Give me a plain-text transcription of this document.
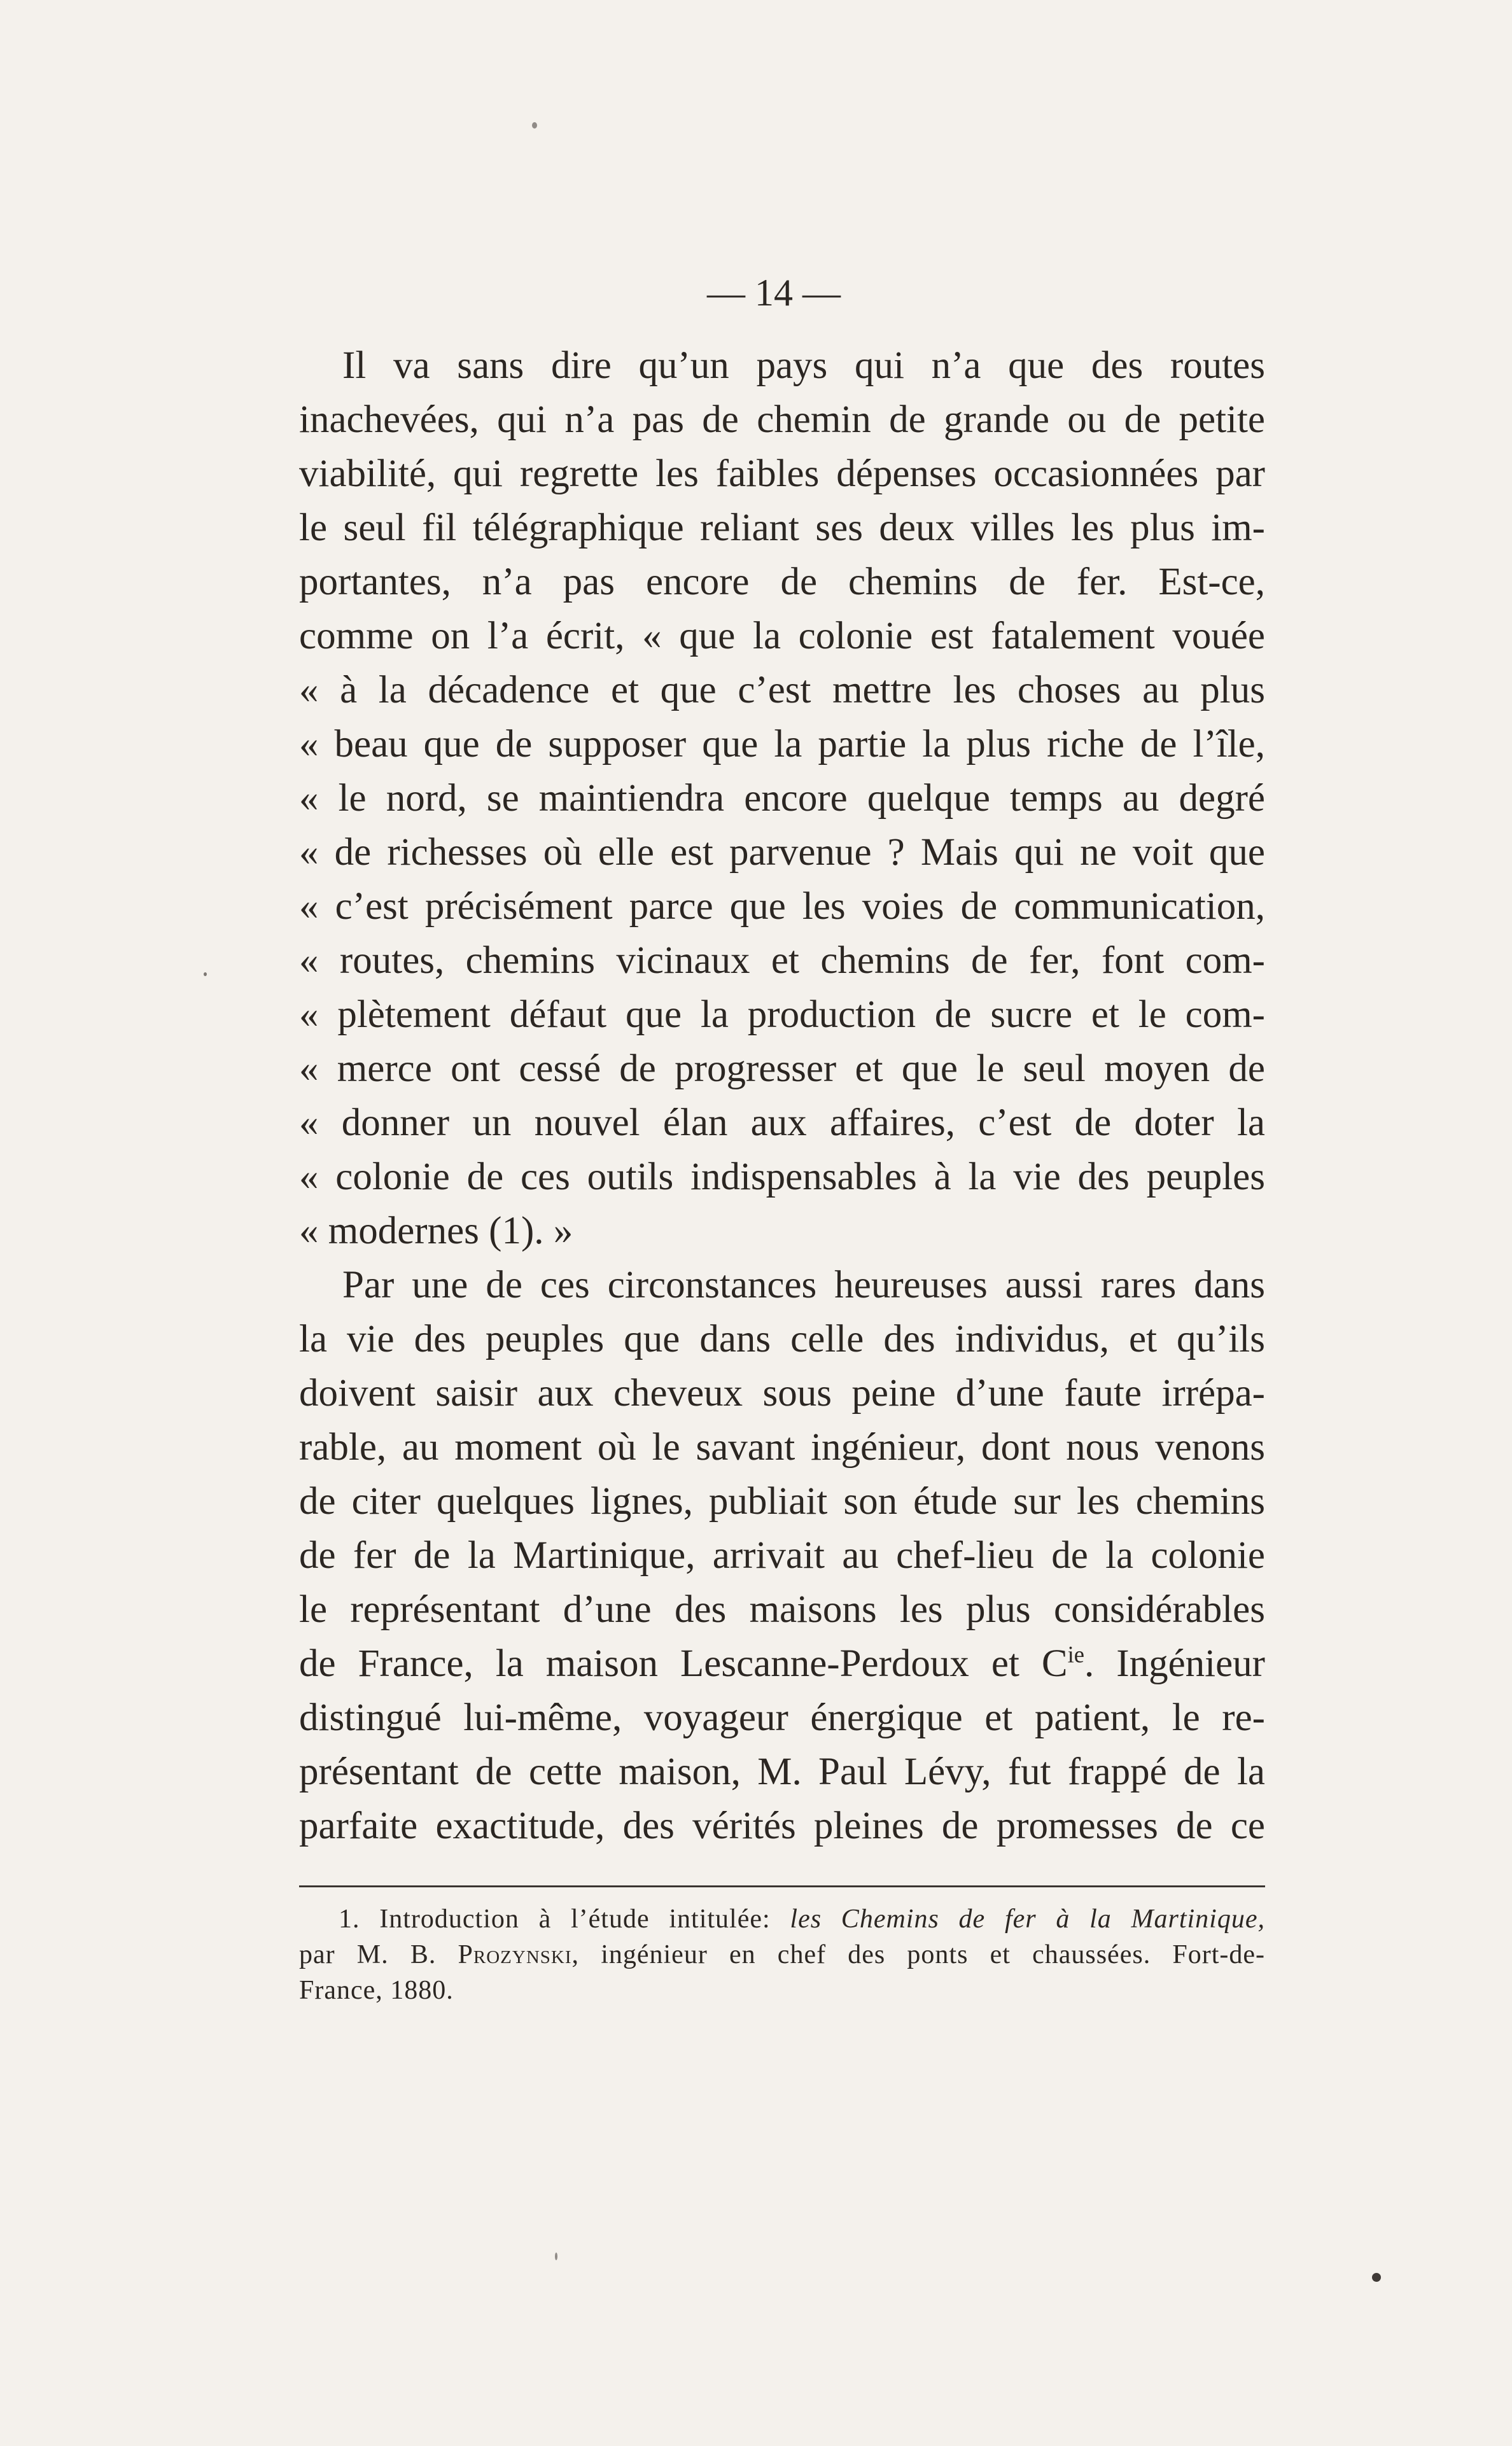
— 14 —
Il va sans dire qu’un pays qui n’a que des routes
inachevées, qui n’a pas de chemin de grande ou de petite
viabilité, qui regrette les faibles dépenses occasionnées par
le seul fil télégraphique reliant ses deux villes les plus im-
portantes, n’a pas encore de chemins de fer. Est-ce,
comme on l’a écrit, « que la colonie est fatalement vouée
« à la décadence et que c’est mettre les choses au plus
« beau que de supposer que la partie la plus riche de l’île,
« le nord, se maintiendra encore quelque temps au degré
« de richesses où elle est parvenue ? Mais qui ne voit que
« c’est précisément parce que les voies de communication,
« routes, chemins vicinaux et chemins de fer, font com-
« plètement défaut que la production de sucre et le com-
« merce ont cessé de progresser et que le seul moyen de
« donner un nouvel élan aux affaires, c’est de doter la
« colonie de ces outils indispensables à la vie des peuples
« modernes (1). »
Par une de ces circonstances heureuses aussi rares dans
la vie des peuples que dans celle des individus, et qu’ils
doivent saisir aux cheveux sous peine d’une faute irrépa-
rable, au moment où le savant ingénieur, dont nous venons
de citer quelques lignes, publiait son étude sur les chemins
de fer de la Martinique, arrivait au chef-lieu de la colonie
le représentant d’une des maisons les plus considérables
de France, la maison Lescanne-Perdoux et $C^{ie}$. Ingénieur
distingué lui-même, voyageur énergique et patient, le re-
présentant de cette maison, M. Paul Lévy, fut frappé de la
parfaite exactitude, des vérités pleines de promesses de ce
1. Introduction à l’étude intitulée: les Chemins de fer à la Martinique,
par M. B. Prozynski, ingénieur en chef des ponts et chaussées. Fort-de-
France, 1880.
